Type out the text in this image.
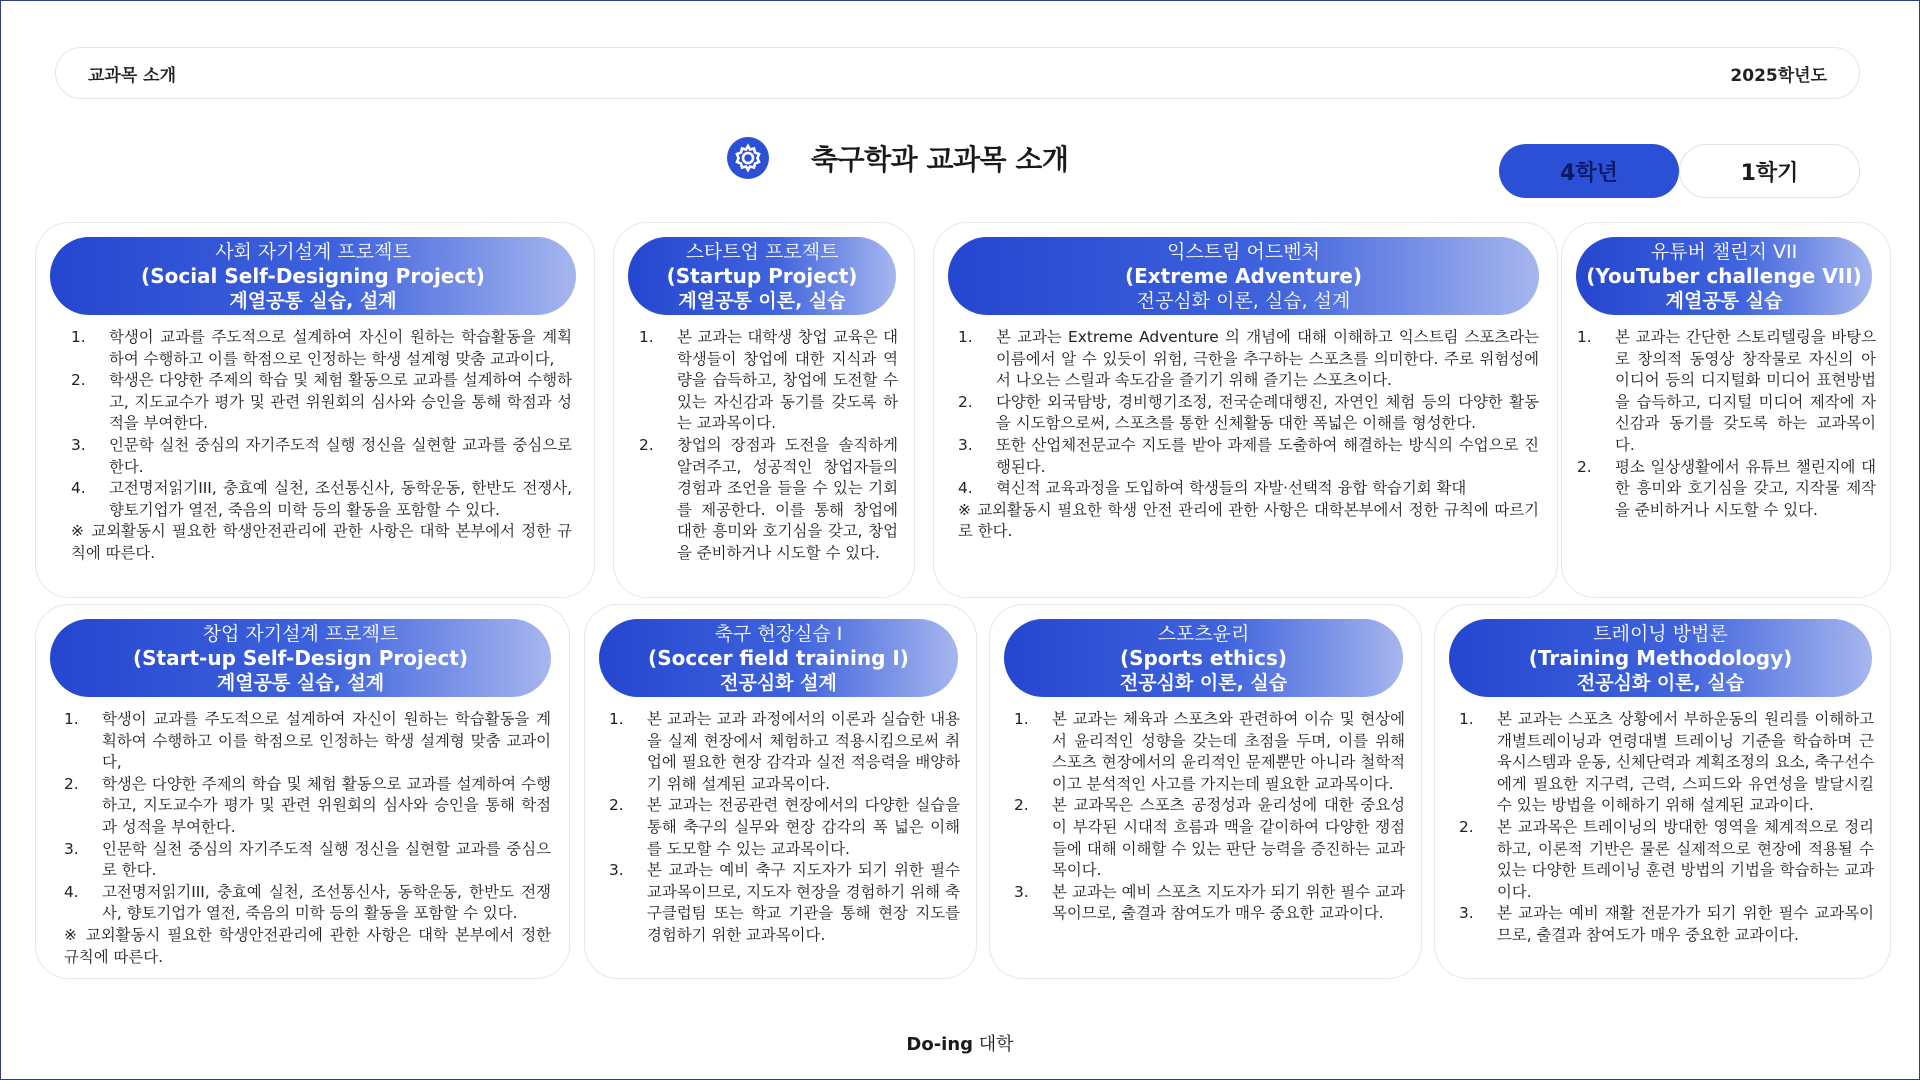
교과목 소개	2025학년도
축구학과 교과목 소개	4학년	1학기
사회 자기설계 프로젝트
(Social Self-Designing Project)
계열공통 실습, 설계
1. 학생이 교과를 주도적으로 설계하여 자신이 원하는 학습활동을 계획하여 수행하고 이를 학점으로 인정하는 학생 설계형 맞춤 교과이다,
2. 학생은 다양한 주제의 학습 및 체험 활동으로 교과를 설계하여 수행하고, 지도교수가 평가 및 관련 위원회의 심사와 승인을 통해 학점과 성적을 부여한다.
3. 인문학 실천 중심의 자기주도적 실행 정신을 실현할 교과를 중심으로 한다.
4. 고전명저읽기III, 충효예 실천, 조선통신사, 동학운동, 한반도 전쟁사, 향토기업가 열전, 죽음의 미학 등의 활동을 포함할 수 있다.
※ 교외활동시 필요한 학생안전관리에 관한 사항은 대학 본부에서 정한 규칙에 따른다.
스타트업 프로젝트
(Startup Project)
계열공통 이론, 실습
1. 본 교과는 대학생 창업 교육은 대학생들이 창업에 대한 지식과 역량을 습득하고, 창업에 도전할 수 있는 자신감과 동기를 갖도록 하는 교과목이다.
2. 창업의 장점과 도전을 솔직하게 알려주고, 성공적인 창업자들의 경험과 조언을 들을 수 있는 기회를 제공한다. 이를 통해 창업에 대한 흥미와 호기심을 갖고, 창업을 준비하거나 시도할 수 있다.
익스트림 어드벤처
(Extreme Adventure)
전공심화 이론, 실습, 설계
1. 본 교과는 Extreme Adventure 의 개념에 대해 이해하고 익스트림 스포츠라는 이름에서 알 수 있듯이 위험, 극한을 추구하는 스포츠를 의미한다. 주로 위험성에서 나오는 스릴과 속도감을 즐기기 위해 즐기는 스포츠이다.
2. 다양한 외국탐방, 경비행기조정, 전국순례대행진, 자연인 체험 등의 다양한 활동을 시도함으로써, 스포츠를 통한 신체활동 대한 폭넓은 이해를 형성한다.
3. 또한 산업체전문교수 지도를 받아 과제를 도출하여 해결하는 방식의 수업으로 진행된다.
4. 혁신적 교육과정을 도입하여 학생들의 자발·선택적 융합 학습기회 확대
※ 교외활동시 필요한 학생 안전 관리에 관한 사항은 대학본부에서 정한 규칙에 따르기로 한다.
유튜버 챌린지 VII
(YouTuber challenge VII)
계열공통 실습
1. 본 교과는 간단한 스토리텔링을 바탕으로 창의적 동영상 창작물로 자신의 아이디어 등의 디지털화 미디어 표현방법을 습득하고, 디지털 미디어 제작에 자신감과 동기를 갖도록 하는 교과목이다.
2. 평소 일상생활에서 유튜브 챌린지에 대한 흥미와 호기심을 갖고, 지작물 제작을 준비하거나 시도할 수 있다.
창업 자기설계 프로젝트
(Start-up Self-Design Project)
계열공통 실습, 설계
1. 학생이 교과를 주도적으로 설계하여 자신이 원하는 학습활동을 계획하여 수행하고 이를 학점으로 인정하는 학생 설계형 맞춤 교과이다,
2. 학생은 다양한 주제의 학습 및 체험 활동으로 교과를 설계하여 수행하고, 지도교수가 평가 및 관련 위원회의 심사와 승인을 통해 학점과 성적을 부여한다.
3. 인문학 실천 중심의 자기주도적 실행 정신을 실현할 교과를 중심으로 한다.
4. 고전명저읽기III, 충효예 실천, 조선통신사, 동학운동, 한반도 전쟁사, 향토기업가 열전, 죽음의 미학 등의 활동을 포함할 수 있다.
※ 교외활동시 필요한 학생안전관리에 관한 사항은 대학 본부에서 정한 규칙에 따른다.
축구 현장실습 Ⅰ
(Soccer field training Ⅰ)
전공심화 설계
1. 본 교과는 교과 과정에서의 이론과 실습한 내용을 실제 현장에서 체험하고 적용시킴으로써 취업에 필요한 현장 감각과 실전 적응력을 배양하기 위해 설계된 교과목이다.
2. 본 교과는 전공관련 현장에서의 다양한 실습을 통해 축구의 실무와 현장 감각의 폭 넓은 이해를 도모할 수 있는 교과목이다.
3. 본 교과는 예비 축구 지도자가 되기 위한 필수 교과목이므로, 지도자 현장을 경험하기 위해 축구클럽팀 또는 학교 기관을 통해 현장 지도를 경험하기 위한 교과목이다.
스포츠윤리
(Sports ethics)
전공심화 이론, 실습
1. 본 교과는 체육과 스포츠와 관련하여 이슈 및 현상에서 윤리적인 성향을 갖는데 초점을 두며, 이를 위해 스포츠 현장에서의 윤리적인 문제뿐만 아니라 철학적이고 분석적인 사고를 가지는데 필요한 교과목이다.
2. 본 교과목은 스포츠 공정성과 윤리성에 대한 중요성이 부각된 시대적 흐름과 맥을 같이하여 다양한 쟁점들에 대해 이해할 수 있는 판단 능력을 증진하는 교과목이다.
3. 본 교과는 예비 스포츠 지도자가 되기 위한 필수 교과목이므로, 출결과 참여도가 매우 중요한 교과이다.
트레이닝 방법론
(Training Methodology)
전공심화 이론, 실습
1. 본 교과는 스포츠 상황에서 부하운동의 원리를 이해하고 개별트레이닝과 연령대별 트레이닝 기준을 학습하며 근육시스템과 운동, 신체단력과 계획조정의 요소, 축구선수에게 필요한 지구력, 근력, 스피드와 유연성을 발달시킬 수 있는 방법을 이해하기 위해 설계된 교과이다.
2. 본 교과목은 트레이닝의 방대한 영역을 체계적으로 정리하고, 이론적 기반은 물론 실제적으로 현장에 적용될 수 있는 다양한 트레이닝 훈련 방법의 기법을 학습하는 교과이다.
3. 본 교과는 예비 재활 전문가가 되기 위한 필수 교과목이므로, 출결과 참여도가 매우 중요한 교과이다.
Do-ing 대학
